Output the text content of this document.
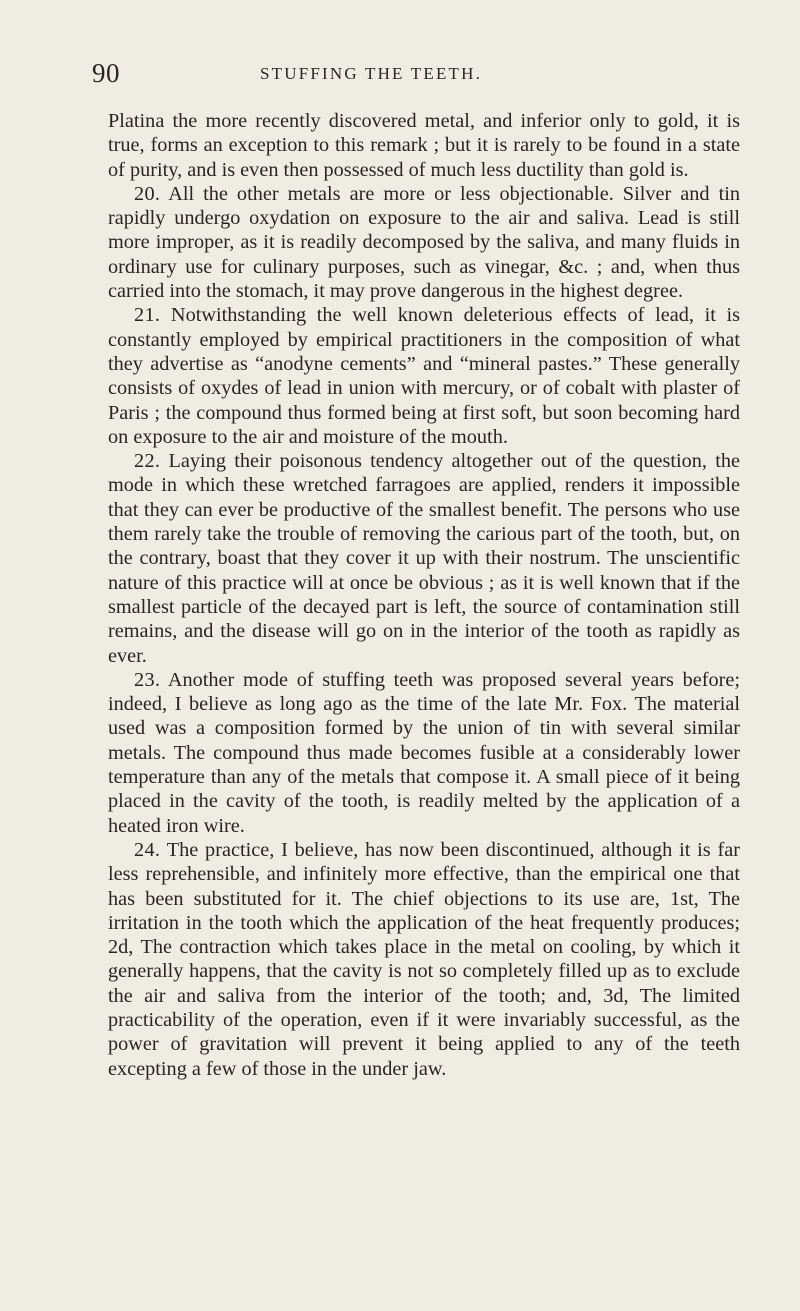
90	STUFFING THE TEETH.

Platina the more recently discovered metal, and inferior only to gold, it is true, forms an exception to this remark ; but it is rarely to be found in a state of purity, and is even then possessed of much less ductility than gold is.

20. All the other metals are more or less objectionable. Silver and tin rapidly undergo oxydation on exposure to the air and saliva. Lead is still more improper, as it is readily decomposed by the saliva, and many fluids in ordinary use for culinary purposes, such as vinegar, &c. ; and, when thus carried into the stomach, it may prove dangerous in the highest degree.

21. Notwithstanding the well known deleterious effects of lead, it is constantly employed by empirical practitioners in the composition of what they advertise as “anodyne cements” and “mineral pastes.” These generally consists of oxydes of lead in union with mercury, or of cobalt with plaster of Paris ; the compound thus formed being at first soft, but soon becoming hard on exposure to the air and moisture of the mouth.

22. Laying their poisonous tendency altogether out of the question, the mode in which these wretched farragoes are applied, renders it impossible that they can ever be productive of the smallest benefit. The persons who use them rarely take the trouble of removing the carious part of the tooth, but, on the contrary, boast that they cover it up with their nostrum. The unscientific nature of this practice will at once be obvious ; as it is well known that if the smallest particle of the decayed part is left, the source of contamination still remains, and the disease will go on in the interior of the tooth as rapidly as ever.

23. Another mode of stuffing teeth was proposed several years before; indeed, I believe as long ago as the time of the late Mr. Fox. The material used was a composition formed by the union of tin with several similar metals. The compound thus made becomes fusible at a considerably lower temperature than any of the metals that compose it. A small piece of it being placed in the cavity of the tooth, is readily melted by the application of a heated iron wire.

24. The practice, I believe, has now been discontinued, although it is far less reprehensible, and infinitely more effective, than the empirical one that has been substituted for it. The chief objections to its use are, 1st, The irritation in the tooth which the application of the heat frequently produces; 2d, The contraction which takes place in the metal on cooling, by which it generally happens, that the cavity is not so completely filled up as to exclude the air and saliva from the interior of the tooth; and, 3d, The limited practicability of the operation, even if it were invariably successful, as the power of gravitation will prevent it being applied to any of the teeth excepting a few of those in the under jaw.
